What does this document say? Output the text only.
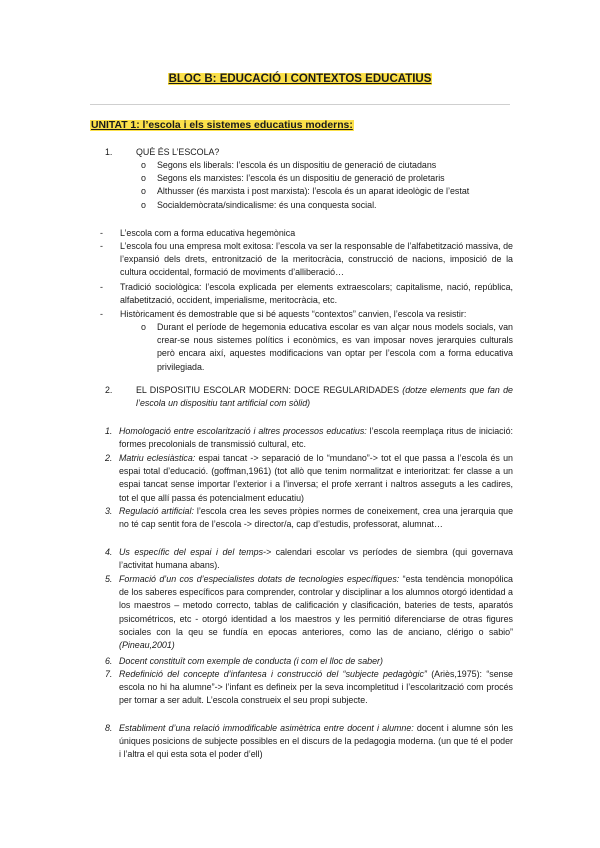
BLOC B: EDUCACIÓ I CONTEXTOS EDUCATIUS
UNITAT 1: l’escola i els sistemes educatius moderns:
1.	QUÈ ÉS L’ESCOLA?
o Segons els liberals: l’escola és un dispositiu de generació de ciutadans
o Segons els marxistes: l’escola és un dispositiu de generació de proletaris
o Althusser (és marxista i post marxista): l’escola és un aparat ideològic de l’estat
o Socialdemòcrata/sindicalisme: és una conquesta social.
- L’escola com a forma educativa hegemònica
- L’escola fou una empresa molt exitosa: l’escola va ser la responsable de l’alfabetització massiva, de l’expansió dels drets, entronització de la meritocràcia, construcció de nacions, imposició de la cultura occidental, formació de moviments d’alliberació…
- Tradició sociològica: l’escola explicada per elements extraescolars; capitalisme, nació, república, alfabetització, occident, imperialisme, meritocràcia, etc.
- Històricament és demostrable que si bé aquests “contextos” canvien, l’escola va resistir:
o Durant el període de hegemonia educativa escolar es van alçar nous models socials, van crear-se nous sistemes polítics i econòmics, es van imposar noves jerarquies culturals però encara així, aquestes modificacions van optar per l’escola com a forma educativa privilegiada.
2.	EL DISPOSITIU ESCOLAR MODERN: DOCE REGULARIDADES (dotze elements que fan de l’escola un dispositiu tant artificial com sòlid)
1. Homologació entre escolarització i altres processos educatius: l’escola reemplaça ritus de iniciació: formes precolonials de transmissió cultural, etc.
2. Matriu eclesiàstica: espai tancat -> separació de lo “mundano”-> tot el que passa a l’escola és un espai total d’educació. (goffman,1961) (tot allò que tenim normalitzat e interioritzat: fer classe a un espai tancat sense importar l’exterior i a l’inversa; el profe xerrant i naltros asseguts a les cadires, tot el que allí passa és potencialment educatiu)
3. Regulació artificial: l’escola crea les seves pròpies normes de coneixement, crea una jerarquia que no té cap sentit fora de l’escola -> director/a, cap d’estudis, professorat, alumnat…
4. Us específic del espai i del temps-> calendari escolar vs períodes de siembra (qui governava l’activitat humana abans).
5. Formació d’un cos d’especialistes dotats de tecnologies específiques: “esta tendència monopólica de los saberes específicos para comprender, controlar y disciplinar a los alumnos otorgó identidad a los maestros – metodo correcto, tablas de calificación y clasificación, bateries de tests, aparatós psicométricos, etc - otorgó identidad a los maestros y les permitió diferenciarse de otras figures sociales con la qeu se fundía en epocas anteriores, como las de anciano, clérigo o sabio” (Pineau,2001)
6. Docent constituït com exemple de conducta (i com el lloc de saber)
7. Redefinició del concepte d’infantesa i construcció del “subjecte pedagògic” (Ariès,1975): “sense escola no hi ha alumne”-> l’infant es defineix per la seva incompletitud i l’escolarització com procés per tornar a ser adult. L’escola construeix el seu propi subjecte.
8. Establiment d’una relació immodificable asimètrica entre docent i alumne: docent i alumne són les úniques posicions de subjecte possibles en el discurs de la pedagogia moderna. (un que té el poder i l’altra el qui esta sota el poder d’ell)
